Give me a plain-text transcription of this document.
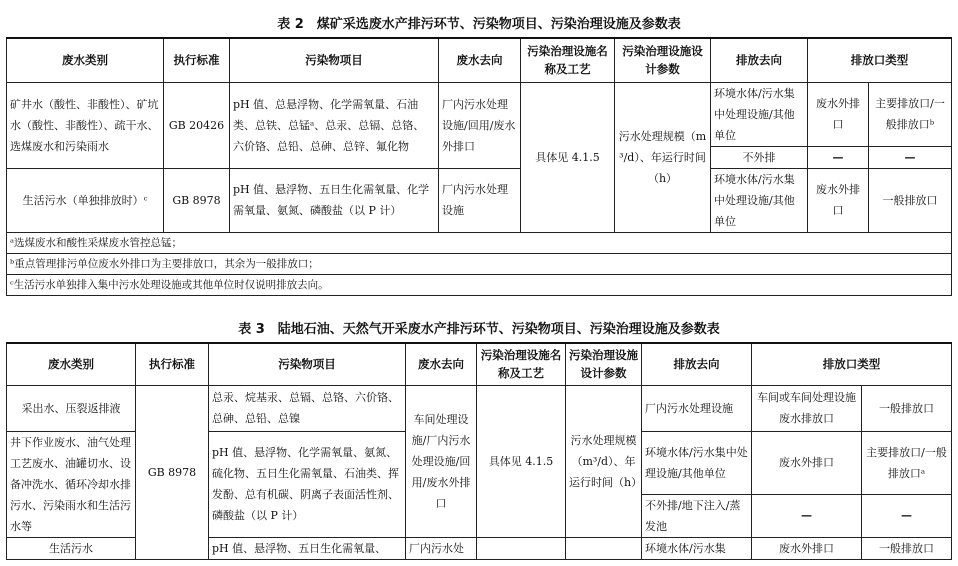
表 2　煤矿采选废水产排污环节、污染物项目、污染治理设施及参数表
废水类别	执行标准	污染物项目	废水去向	污染治理设施名称及工艺	污染治理设施设计参数	排放去向	排放口类型	
矿井水（酸性、非酸性）、矿坑水（酸性、非酸性）、疏干水、选煤废水和污染雨水	GB 20426	pH 值、总悬浮物、化学需氧量、石油类、总铁、总锰ᵃ、总汞、总镉、总铬、六价铬、总铅、总砷、总锌、氟化物	厂内污水处理设施/回用/废水外排口	具体见 4.1.5	污水处理规模（m³/d）、年运行时间（h）	环境水体/污水集中处理设施/其他单位	废水外排口	主要排放口/一般排放口ᵇ
						不外排	—	—
生活污水（单独排放时）ᶜ	GB 8978	pH 值、悬浮物、五日生化需氧量、化学需氧量、氨氮、磷酸盐（以 P 计）	厂内污水处理设施			环境水体/污水集中处理设施/其他单位	废水外排口	一般排放口

ᵃ选煤废水和酸性采煤废水管控总锰；								
ᵇ重点管理排污单位废水外排口为主要排放口，其余为一般排放口；								
ᶜ生活污水单独排入集中污水处理设施或其他单位时仅说明排放去向。								
表 3　陆地石油、天然气开采废水产排污环节、污染物项目、污染治理设施及参数表
废水类别	执行标准	污染物项目	废水去向	污染治理设施名称及工艺	污染治理设施设计参数	排放去向	排放口类型	
采出水、压裂返排液	GB 8978	总汞、烷基汞、总镉、总铬、六价铬、总砷、总铅、总镍	车间处理设施/厂内污水处理设施/回用/废水外排口	具体见 4.1.5	污水处理规模（m³/d）、年运行时间（h）	厂内污水处理设施	车间或车间处理设施废水排放口	一般排放口
井下作业废水、油气处理工艺废水、油罐切水、设备冲洗水、循环冷却水排污水、污染雨水和生活污水等		pH 值、悬浮物、化学需氧量、氨氮、硫化物、五日生化需氧量、石油类、挥发酚、总有机碳、阴离子表面活性剂、磷酸盐（以 P 计）				环境水体/污水集中处理设施/其他单位	废水外排口	主要排放口/一般排放口ᵃ
						不外排/地下注入/蒸发池	—	—
生活污水		pH 值、悬浮物、五日生化需氧量、	厂内污水处			环境水体/污水集	废水外排口	一般排放口
